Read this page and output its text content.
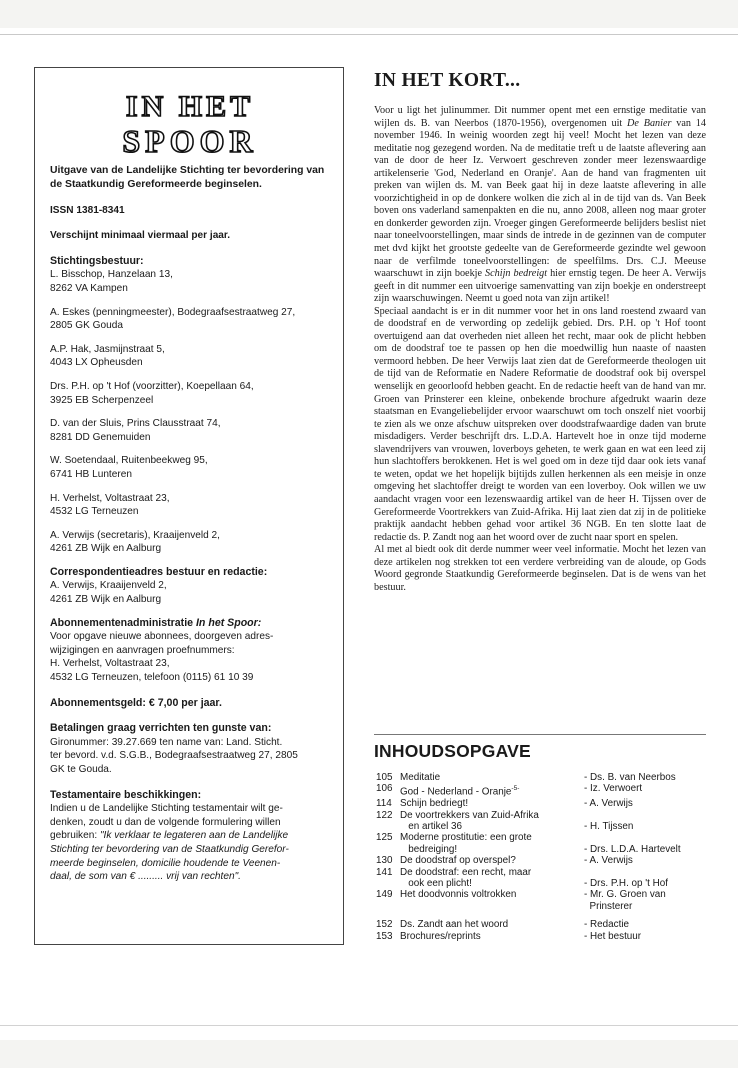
IN HET
SPOOR
Uitgave van de Landelijke Stichting ter bevordering van de Staatkundig Gereformeerde beginselen.
ISSN 1381-8341
Verschijnt minimaal viermaal per jaar.
Stichtingsbestuur:
L. Bisschop, Hanzelaan 13,
8262 VA Kampen
A. Eskes (penningmeester), Bodegraafsestraatweg 27,
2805 GK Gouda
A.P. Hak, Jasmijnstraat 5,
4043 LX Opheusden
Drs. P.H. op 't Hof (voorzitter), Koepellaan 64,
3925 EB Scherpenzeel
D. van der Sluis, Prins Clausstraat 74,
8281 DD Genemuiden
W. Soetendaal, Ruitenbeekweg 95,
6741 HB Lunteren
H. Verhelst, Voltastraat 23,
4532 LG Terneuzen
A. Verwijs (secretaris), Kraaijenveld 2,
4261 ZB Wijk en Aalburg
Correspondentieadres bestuur en redactie:
A. Verwijs, Kraaijenveld 2,
4261 ZB Wijk en Aalburg
Abonnementenadministratie In het Spoor:
Voor opgave nieuwe abonnees, doorgeven adres-
wijzigingen en aanvragen proefnummers:
H. Verhelst, Voltastraat 23,
4532 LG Terneuzen, telefoon (0115) 61 10 39
Abonnementsgeld: € 7,00 per jaar.
Betalingen graag verrichten ten gunste van:
Gironummer: 39.27.669 ten name van: Land. Sticht.
ter bevord. v.d. S.G.B., Bodegraafsestraatweg 27, 2805
GK te Gouda.
Testamentaire beschikkingen:
Indien u de Landelijke Stichting testamentair wilt ge-
denken, zoudt u dan de volgende formulering willen
gebruiken: "Ik verklaar te legateren aan de Landelijke
Stichting ter bevordering van de Staatkundig Gerefor-
meerde beginselen, domicilie houdende te Veenen-
daal, de som van € ......... vrij van rechten".
IN HET KORT...

Voor u ligt het julinummer. Dit nummer opent met een ernstige meditatie van wijlen ds. B. van Neerbos (1870-1956), overgenomen uit De Banier van 14 november 1946. In weinig woorden zegt hij veel! Mocht het lezen van deze meditatie nog gezegend worden. Na de meditatie treft u de laatste aflevering aan van de door de heer Iz. Verwoert geschreven zonder meer lezenswaardige artikelenserie 'God, Nederland en Oranje'. Aan de hand van fragmenten uit preken van wijlen ds. M. van Beek gaat hij in deze laatste aflevering in alle voorzichtigheid in op de donkere wolken die zich al in de tijd van ds. Van Beek boven ons vaderland samenpakten en die nu, anno 2008, alleen nog maar groter en donkerder geworden zijn. Vroeger gingen Gereformeerde belijders beslist niet naar toneelvoorstellingen, maar sinds de intrede in de gezinnen van de computer met dvd kijkt het grootste gedeelte van de Gereformeerde gezindte wel gewoon naar de verfilmde toneelvoorstellingen: de speelfilms. Drs. C.J. Meeuse waarschuwt in zijn boekje Schijn bedreigt hier ernstig tegen. De heer A. Verwijs geeft in dit nummer een uitvoerige samenvatting van zijn boekje en onderstreept zijn waarschuwingen. Neemt u goed nota van zijn artikel!

Speciaal aandacht is er in dit nummer voor het in ons land roestend zwaard van de doodstraf en de verwording op zedelijk gebied. Drs. P.H. op 't Hof toont overtuigend aan dat overheden niet alleen het recht, maar ook de plicht hebben om de doodstraf toe te passen op hen die moedwillig hun naaste of naasten vermoord hebben. De heer Verwijs laat zien dat de Gereformeerde theologen uit de tijd van de Reformatie en Nadere Reformatie de doodstraf ook bij overspel wenselijk en geoorloofd hebben geacht. En de redactie heeft van de hand van mr. Groen van Prinsterer een kleine, onbekende brochure afgedrukt waarin deze staatsman en Evangeliebelijder ervoor waarschuwt om toch onszelf niet voorbij te zien als we onze afschuw uitspreken over doodstrafwaardige daden van brute misdadigers. Verder beschrijft drs. L.D.A. Hartevelt hoe in onze tijd moderne slavendrijvers van vrouwen, loverboys geheten, te werk gaan en wat een leed zij hun slachtoffers berokkenen. Het is wel goed om in deze tijd daar ook iets vanaf te weten, opdat we het hopelijk bijtijds zullen herkennen als een meisje in onze omgeving het slachtoffer dreigt te worden van een loverboy. Ook willen we uw aandacht vragen voor een lezenswaardig artikel van de heer H. Tijssen over de Gereformeerde Voortrekkers van Zuid-Afrika. Hij laat zien dat zij in de politieke praktijk aandacht hebben gehad voor artikel 36 NGB. En ten slotte laat de redactie ds. P. Zandt nog aan het woord over de zucht naar sport en spelen.

Al met al biedt ook dit derde nummer weer veel informatie. Mocht het lezen van deze artikelen nog strekken tot een verdere verbreiding van de aloude, op Gods Woord gegronde Staatkundig Gereformeerde beginselen. Dat is de wens van het bestuur.

INHOUDSOPGAVE
105 Meditatie	- Ds. B. van Neerbos
106 God - Nederland - Oranje$^{-5-}$	- Iz. Verwoert
114 Schijn bedriegt!	- A. Verwijs
122 De voortrekkers van Zuid-Afrika
en artikel 36	- H. Tijssen
125 Moderne prostitutie: een grote
bedreiging!	- Drs. L.D.A. Hartevelt
130 De doodstraf op overspel?	- A. Verwijs
141 De doodstraf: een recht, maar
ook een plicht!	- Drs. P.H. op 't Hof
149 Het doodvonnis voltrokken	- Mr. G. Groen van
Prinsterer
152 Ds. Zandt aan het woord	- Redactie
153 Brochures/reprints	- Het bestuur
